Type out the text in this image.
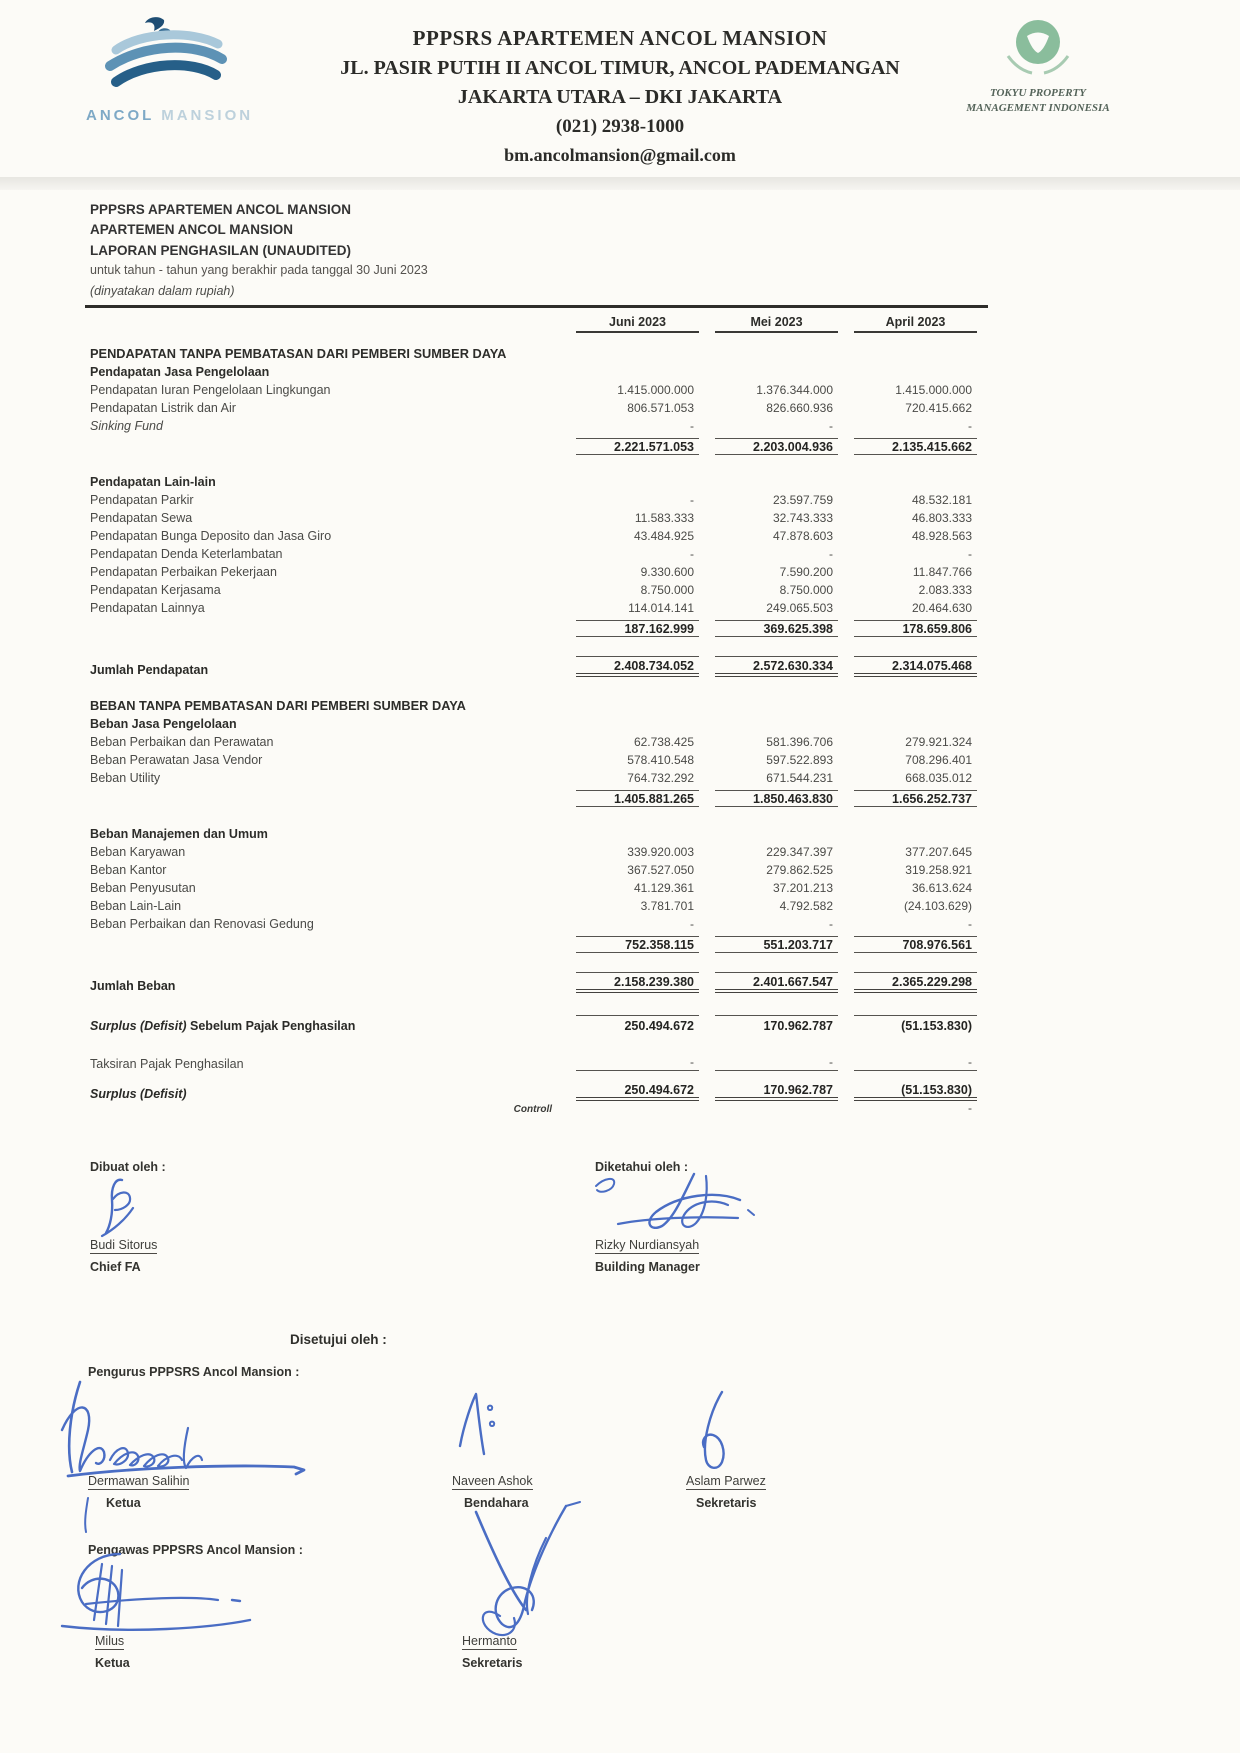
ANCOL MANSION
PPPSRS APARTEMEN ANCOL MANSION
JL. PASIR PUTIH II ANCOL TIMUR, ANCOL PADEMANGAN
JAKARTA UTARA – DKI JAKARTA
(021) 2938-1000
bm.ancolmansion@gmail.com
TOKYU PROPERTY
MANAGEMENT INDONESIA
PPPSRS APARTEMEN ANCOL MANSION
APARTEMEN ANCOL MANSION
LAPORAN PENGHASILAN (UNAUDITED)
untuk tahun - tahun yang berakhir pada tanggal 30 Juni 2023
(dinyatakan dalam rupiah)
Juni 2023	Mei 2023	April 2023
PENDAPATAN TANPA PEMBATASAN DARI PEMBERI SUMBER DAYA
Pendapatan Jasa Pengelolaan
Pendapatan Iuran Pengelolaan Lingkungan	1.415.000.000	1.376.344.000	1.415.000.000
Pendapatan Listrik dan Air	806.571.053	826.660.936	720.415.662
Sinking Fund	-	-	-
2.221.571.053	2.203.004.936	2.135.415.662
Pendapatan Lain-lain
Pendapatan Parkir	-	23.597.759	48.532.181
Pendapatan Sewa	11.583.333	32.743.333	46.803.333
Pendapatan Bunga Deposito dan Jasa Giro	43.484.925	47.878.603	48.928.563
Pendapatan Denda Keterlambatan	-	-	-
Pendapatan Perbaikan Pekerjaan	9.330.600	7.590.200	11.847.766
Pendapatan Kerjasama	8.750.000	8.750.000	2.083.333
Pendapatan Lainnya	114.014.141	249.065.503	20.464.630
187.162.999	369.625.398	178.659.806
Jumlah Pendapatan	2.408.734.052	2.572.630.334	2.314.075.468
BEBAN TANPA PEMBATASAN DARI PEMBERI SUMBER DAYA
Beban Jasa Pengelolaan
Beban Perbaikan dan Perawatan	62.738.425	581.396.706	279.921.324
Beban Perawatan Jasa Vendor	578.410.548	597.522.893	708.296.401
Beban Utility	764.732.292	671.544.231	668.035.012
1.405.881.265	1.850.463.830	1.656.252.737
Beban Manajemen dan Umum
Beban Karyawan	339.920.003	229.347.397	377.207.645
Beban Kantor	367.527.050	279.862.525	319.258.921
Beban Penyusutan	41.129.361	37.201.213	36.613.624
Beban Lain-Lain	3.781.701	4.792.582	(24.103.629)
Beban Perbaikan dan Renovasi Gedung	-	-	-
752.358.115	551.203.717	708.976.561
Jumlah Beban	2.158.239.380	2.401.667.547	2.365.229.298
Surplus (Defisit) Sebelum Pajak Penghasilan	250.494.672	170.962.787	(51.153.830)
Taksiran Pajak Penghasilan	-	-	-
Surplus (Defisit)	250.494.672	170.962.787	(51.153.830)
Controll	-
Dibuat oleh :
Budi Sitorus
Chief FA
Diketahui oleh :
Rizky Nurdiansyah
Building Manager
Disetujui oleh :
Pengurus PPPSRS Ancol Mansion :
Dermawan Salihin
Ketua
Naveen Ashok
Bendahara
Aslam Parwez
Sekretaris
Pengawas PPPSRS Ancol Mansion :
Milus
Ketua
Hermanto
Sekretaris
